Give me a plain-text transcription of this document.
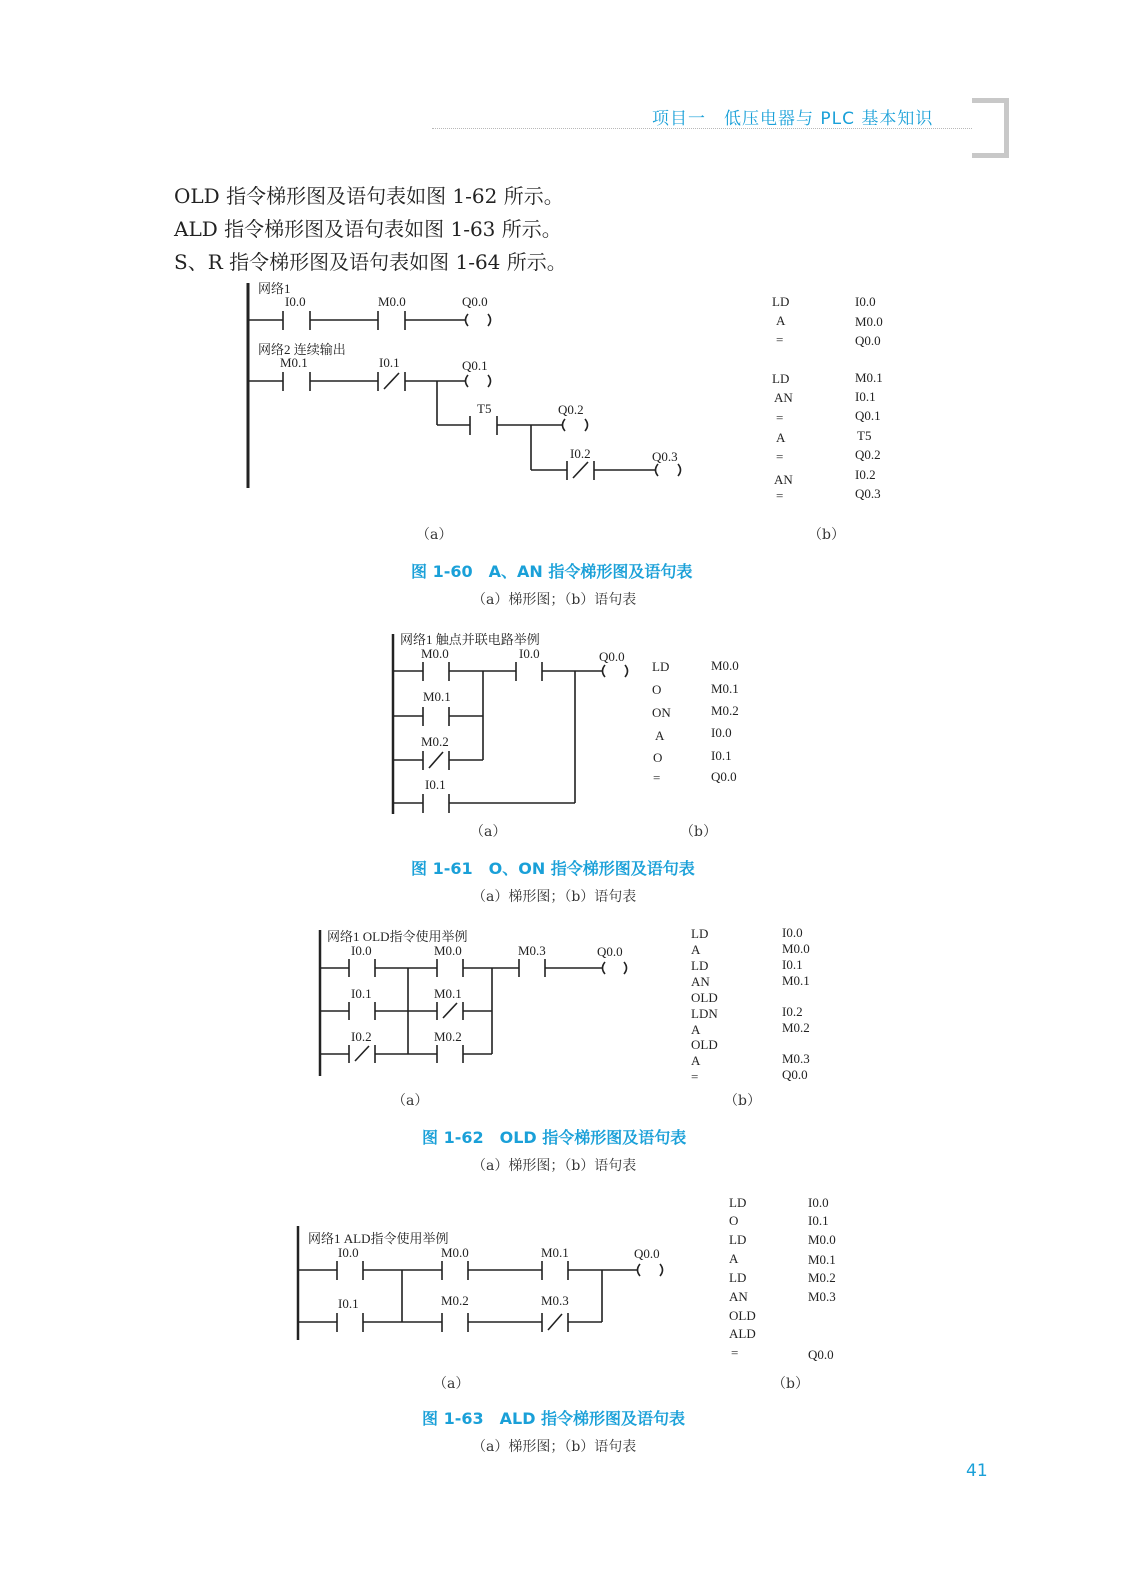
项目一　低压电器与 PLC 基本知识
OLD 指令梯形图及语句表如图 1-62 所示。
ALD 指令梯形图及语句表如图 1-63 所示。
S、R 指令梯形图及语句表如图 1-64 所示。
网络1
I0.0	M0.0	Q0.0
网络2 连续输出
M0.1	I0.1	Q0.1
T5	Q0.2
I0.2	Q0.3
LD	I0.0
A	M0.0
=	Q0.0
LD	M0.1
AN	I0.1
=	Q0.1
A	T5
=	Q0.2
AN	I0.2
=	Q0.3
网络1 触点并联电路举例
M0.0	I0.0	Q0.0
M0.1
M0.2
I0.1
LD	M0.0
O	M0.1
ON	M0.2
A	I0.0
O	I0.1
=	Q0.0
网络1 OLD指令使用举例
I0.0	M0.0	M0.3	Q0.0
I0.1	M0.1
I0.2	M0.2
LD	I0.0
A	M0.0
LD	I0.1
AN	M0.1
OLD
LDN	I0.2
A	M0.2
OLD
A	M0.3
=	Q0.0
网络1 ALD指令使用举例
I0.0	M0.0	M0.1	Q0.0
I0.1	M0.2	M0.3
LD	I0.0
O	I0.1
LD	M0.0
A	M0.1
LD	M0.2
AN	M0.3
OLD
ALD
=	Q0.0
（a）	（b）
图 1-60　A、AN 指令梯形图及语句表
（a）梯形图；（b）语句表
（a）	（b）
图 1-61　O、ON 指令梯形图及语句表
（a）梯形图；（b）语句表
（a）	（b）
图 1-62　OLD 指令梯形图及语句表
（a）梯形图；（b）语句表
（a）	（b）
图 1-63　ALD 指令梯形图及语句表
（a）梯形图；（b）语句表
41
